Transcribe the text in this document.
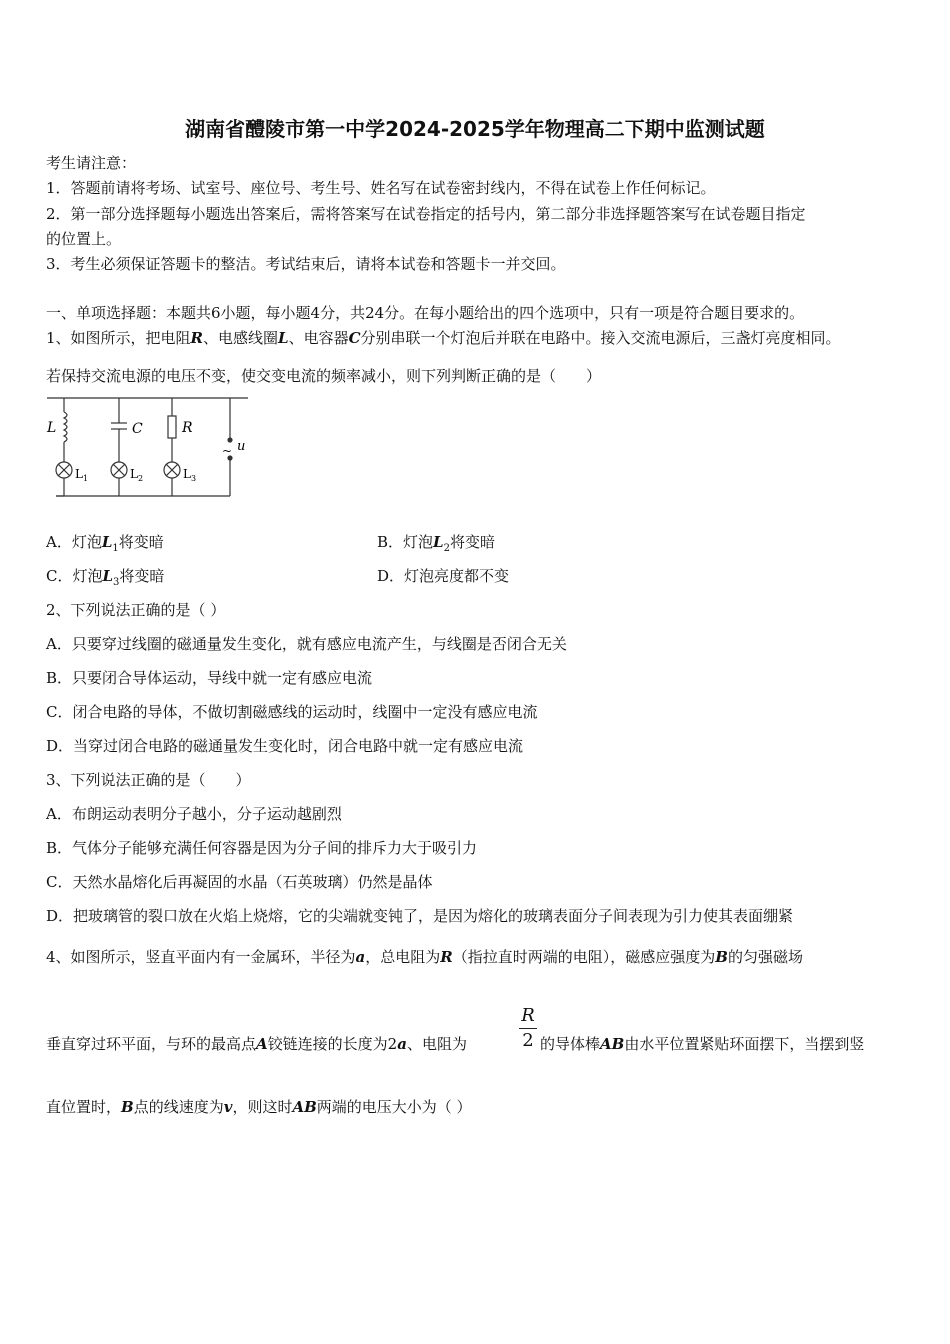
湖南省醴陵市第一中学2024-2025学年物理高二下期中监测试题
考生请注意：
1．答题前请将考场、试室号、座位号、考生号、姓名写在试卷密封线内，不得在试卷上作任何标记。
2．第一部分选择题每小题选出答案后，需将答案写在试卷指定的括号内，第二部分非选择题答案写在试卷题目指定
的位置上。
3．考生必须保证答题卡的整洁。考试结束后，请将本试卷和答题卡一并交回。
一、单项选择题：本题共6小题，每小题4分，共24分。在每小题给出的四个选项中，只有一项是符合题目要求的。
1、如图所示，把电阻R、电感线圈L、电容器C分别串联一个灯泡后并联在电路中。接入交流电源后，三盏灯亮度相同。
若保持交流电源的电压不变，使交变电流的频率减小，则下列判断正确的是（　　）
L	C	R
~ u
L 1	L 2	L 3
A．灯泡$L_1$将变暗	B．灯泡$L_2$将变暗
C．灯泡$L_3$将变暗	D．灯泡亮度都不变
2、下列说法正确的是（ ）
A．只要穿过线圈的磁通量发生变化，就有感应电流产生，与线圈是否闭合无关
B．只要闭合导体运动，导线中就一定有感应电流
C．闭合电路的导体，不做切割磁感线的运动时，线圈中一定没有感应电流
D．当穿过闭合电路的磁通量发生变化时，闭合电路中就一定有感应电流
3、下列说法正确的是（　　）
A．布朗运动表明分子越小，分子运动越剧烈
B．气体分子能够充满任何容器是因为分子间的排斥力大于吸引力
C．天然水晶熔化后再凝固的水晶（石英玻璃）仍然是晶体
D．把玻璃管的裂口放在火焰上烧熔，它的尖端就变钝了，是因为熔化的玻璃表面分子间表现为引力使其表面绷紧
4、如图所示，竖直平面内有一金属环，半径为a，总电阻为R（指拉直时两端的电阻），磁感应强度为B的匀强磁场
垂直穿过环平面，与环的最高点A铰链连接的长度为2a、电阻为
R
2 的导体棒AB由水平位置紧贴环面摆下，当摆到竖
直位置时，B点的线速度为v，则这时AB两端的电压大小为（ ）
